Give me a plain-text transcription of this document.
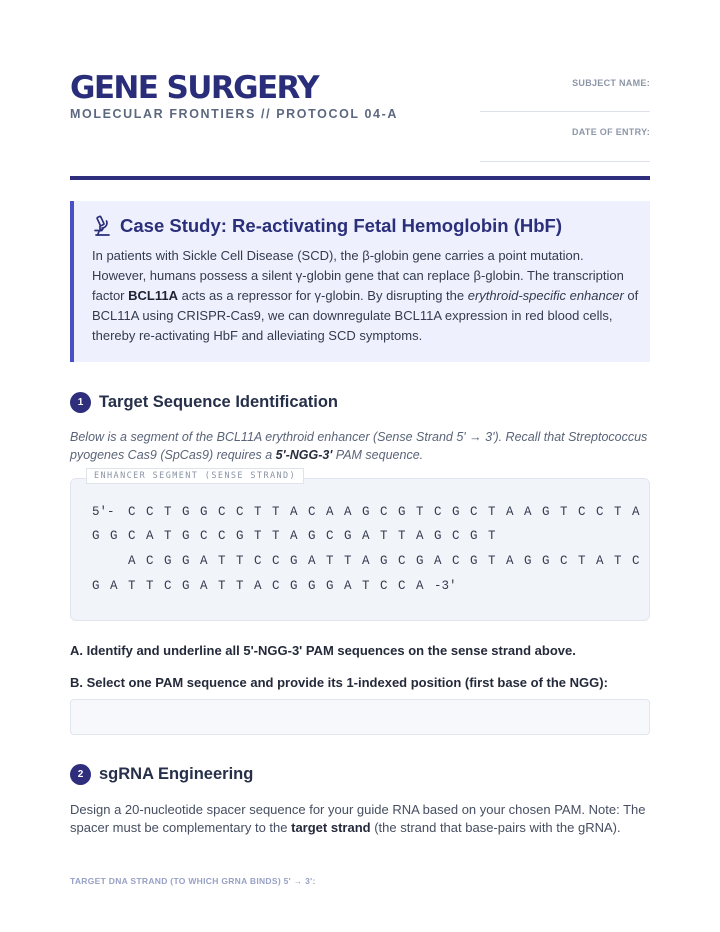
GENE SURGERY
MOLECULAR FRONTIERS // PROTOCOL 04-A
SUBJECT NAME:
DATE OF ENTRY:
Case Study: Re-activating Fetal Hemoglobin (HbF)
In patients with Sickle Cell Disease (SCD), the β-globin gene carries a point mutation. However, humans possess a silent γ-globin gene that can replace β-globin. The transcription factor BCL11A acts as a repressor for γ-globin. By disrupting the erythroid-specific enhancer of BCL11A using CRISPR-Cas9, we can downregulate BCL11A expression in red blood cells, thereby re-activating HbF and alleviating SCD symptoms.
1 Target Sequence Identification
Below is a segment of the BCL11A erythroid enhancer (Sense Strand 5' → 3'). Recall that Streptococcus pyogenes Cas9 (SpCas9) requires a 5'-NGG-3' PAM sequence.
ENHANCER SEGMENT (SENSE STRAND)
5'-	C C T G G C C T T A C A A G C G T C G C T A A G T C C T A
G G C A T G C C G T T A G C G A T T A G C G T
A C G G A T T C C G A T T A G C G A C G T A G G C T A T C
G A T T C G A T T A C G G G A T C C A -3'
A. Identify and underline all 5'-NGG-3' PAM sequences on the sense strand above.
B. Select one PAM sequence and provide its 1-indexed position (first base of the NGG):
2 sgRNA Engineering
Design a 20-nucleotide spacer sequence for your guide RNA based on your chosen PAM. Note: The spacer must be complementary to the target strand (the strand that base-pairs with the gRNA).
TARGET DNA STRAND (TO WHICH GRNA BINDS) 5' → 3':
